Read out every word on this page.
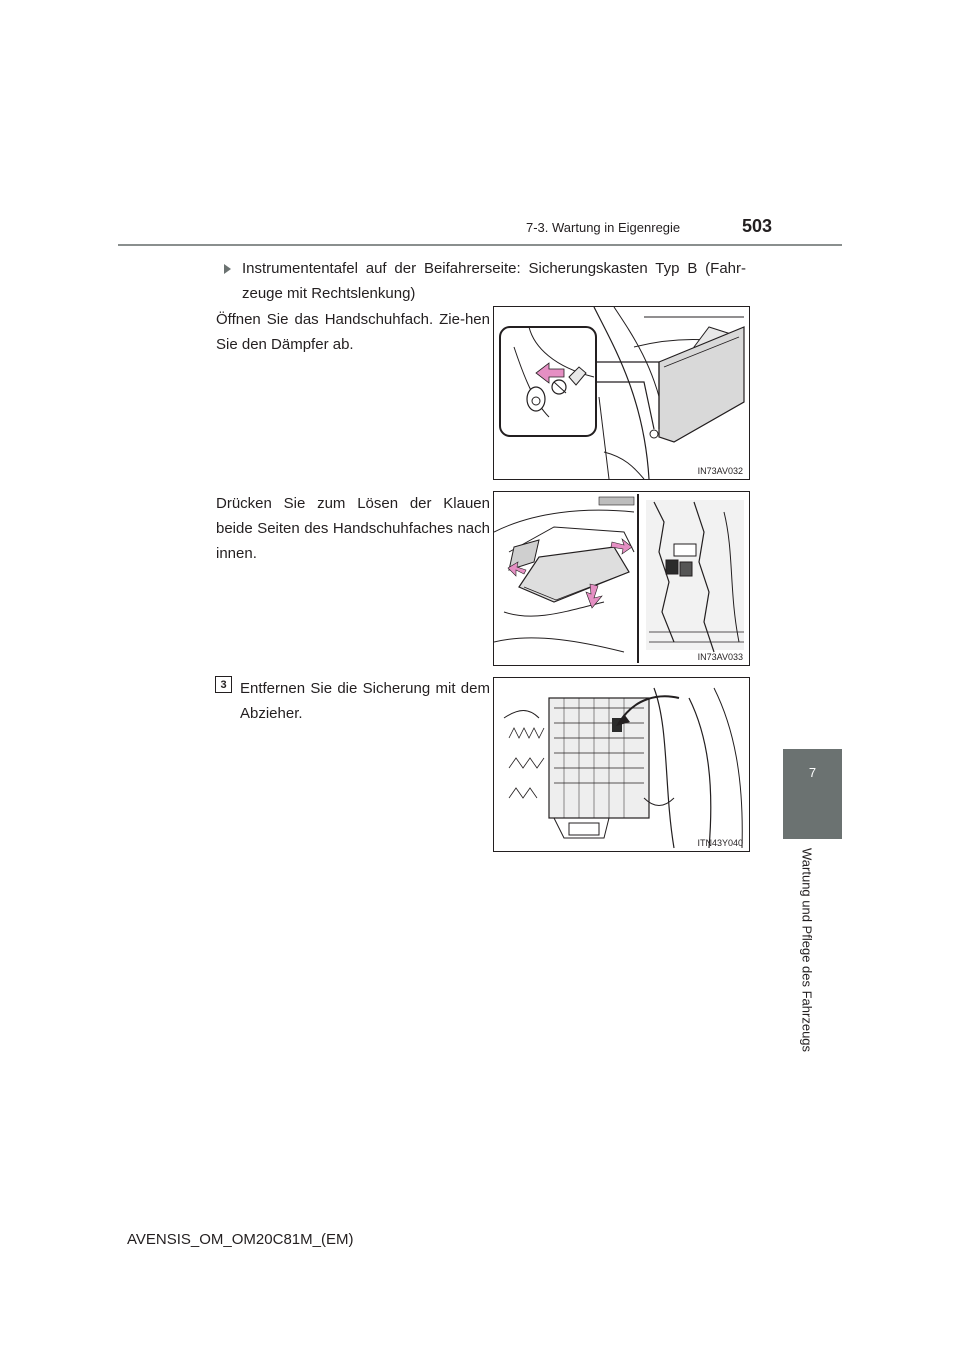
7-3. Wartung in Eigenregie	503
7
Wartung und Pflege des Fahrzeugs
Instrumententafel auf der Beifahrerseite: Sicherungskasten Typ B (Fahr-zeuge mit Rechtslenkung)
Öffnen Sie das Handschuhfach. Zie-hen Sie den Dämpfer ab.
IN73AV032
Drücken Sie zum Lösen der Klauen beide Seiten des Handschuhfaches nach innen.
IN73AV033
3 Entfernen Sie die Sicherung mit dem Abzieher.
ITN43Y040
AVENSIS_OM_OM20C81M_(EM)
